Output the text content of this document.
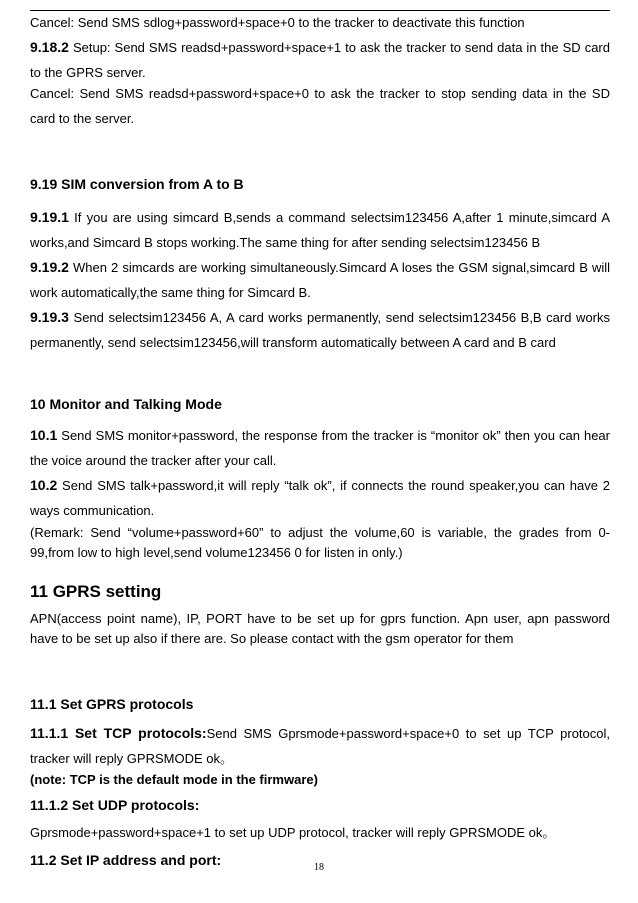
Cancel: Send SMS sdlog+password+space+0 to the tracker to deactivate this function

9.18.2 Setup: Send SMS readsd+password+space+1 to ask the tracker to send data in the SD card to the GPRS server.

Cancel: Send SMS readsd+password+space+0 to ask the tracker to stop sending data in the SD card to the server.

9.19 SIM conversion from A to B

9.19.1 If you are using simcard B,sends a command selectsim123456 A,after 1 minute,simcard A works,and Simcard B stops working.The same thing for after sending selectsim123456 B

9.19.2 When 2 simcards are working simultaneously.Simcard A loses the GSM signal,simcard B will work automatically,the same thing for Simcard B.

9.19.3 Send selectsim123456 A, A card works permanently, send selectsim123456 B,B card works permanently, send selectsim123456,will transform automatically between A card and B card

10 Monitor and Talking Mode

10.1 Send SMS monitor+password, the response from the tracker is “monitor ok” then you can hear the voice around the tracker after your call.

10.2 Send SMS talk+password,it will reply “talk ok”, if connects the round speaker,you can have 2 ways communication.

(Remark: Send “volume+password+60” to adjust the volume,60 is variable, the grades from 0-99,from low to high level,send volume123456 0 for listen in only.)

11 GPRS setting

APN(access point name), IP, PORT have to be set up for gprs function. Apn user, apn password have to be set up also if there are. So please contact with the gsm operator for them

11.1 Set GPRS protocols

11.1.1 Set TCP protocols:Send SMS Gprsmode+password+space+0 to set up TCP protocol, tracker will reply GPRSMODE ok。

(note: TCP is the default mode in the firmware)

11.1.2 Set UDP protocols:

Gprsmode+password+space+1 to set up UDP protocol, tracker will reply GPRSMODE ok。

11.2 Set IP address and port:	18
